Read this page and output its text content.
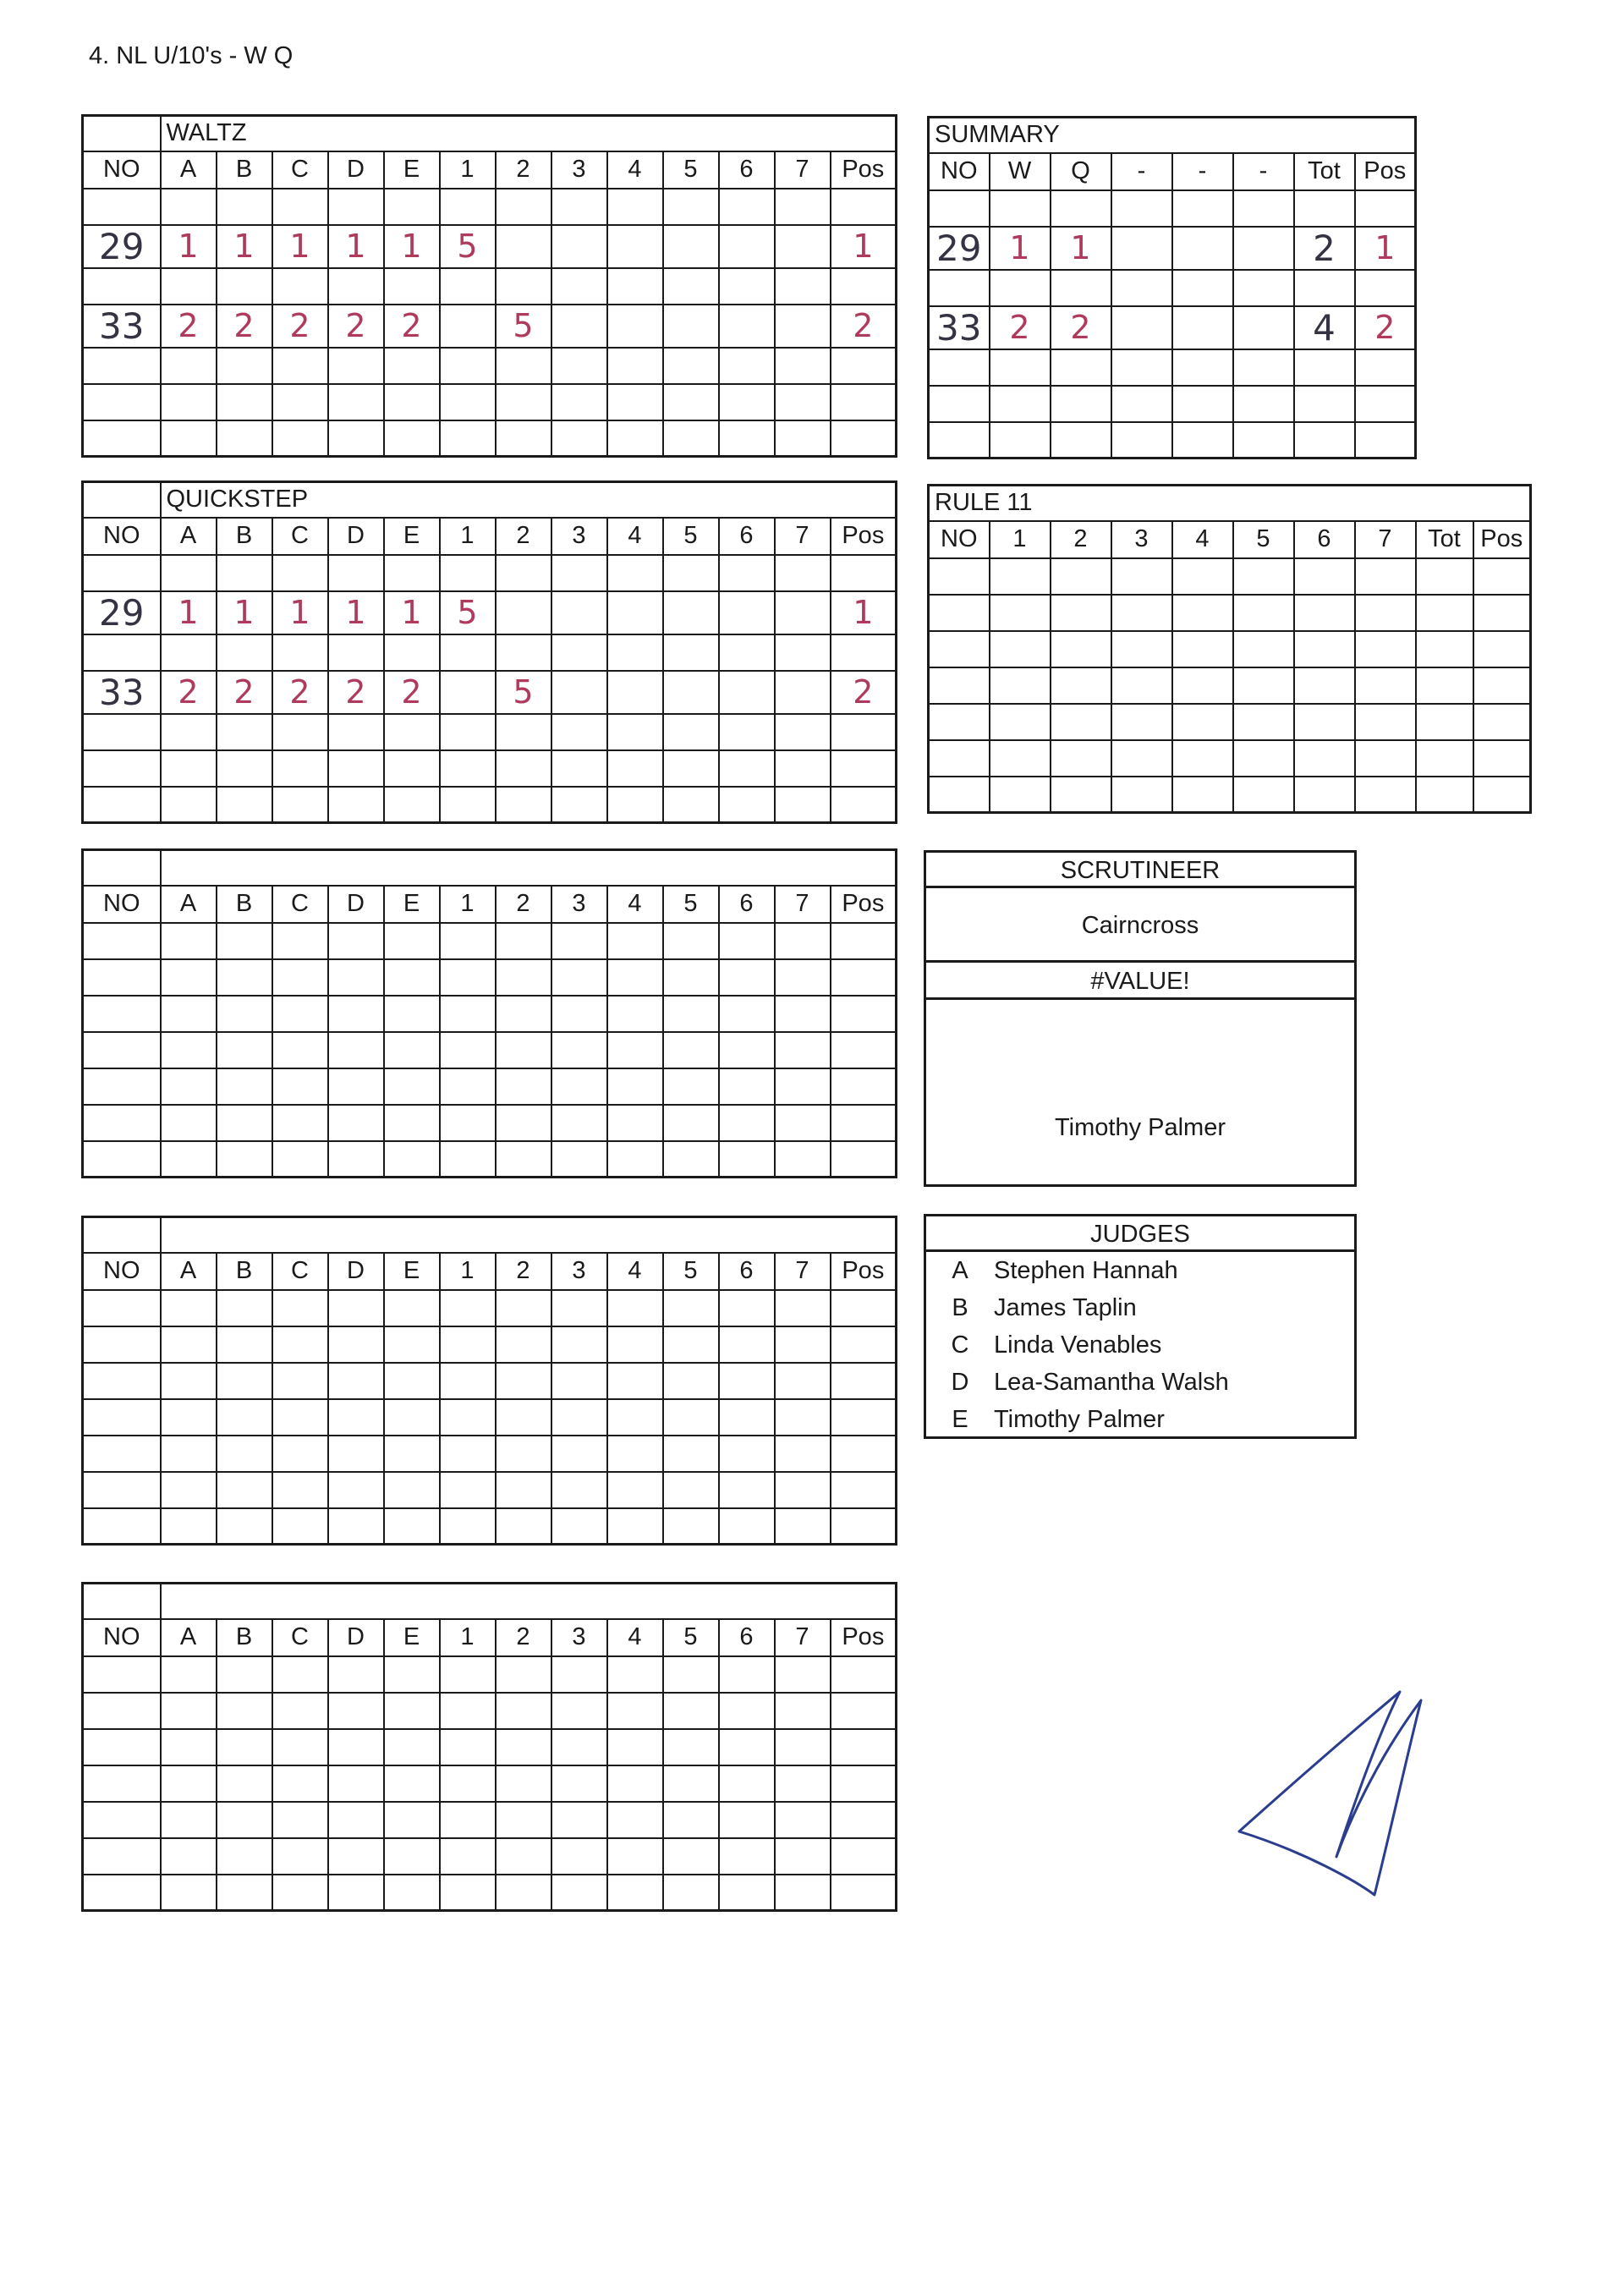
4. NL U/10's - W Q
	WALTZ												
NO	A	B	C	D	E	1	2	3	4	5	6	7	Pos

29	1	1	1	1	1	5							1

33	2	2	2	2	2		5						2

	QUICKSTEP												
NO	A	B	C	D	E	1	2	3	4	5	6	7	Pos

29	1	1	1	1	1	5							1

33	2	2	2	2	2		5						2

NO	A	B	C	D	E	1	2	3	4	5	6	7	Pos

NO	A	B	C	D	E	1	2	3	4	5	6	7	Pos

NO	A	B	C	D	E	1	2	3	4	5	6	7	Pos

SUMMARY							
NO	W	Q	-	-	-	Tot	Pos

29	1	1				2	1

33	2	2				4	2

RULE 11									
NO	1	2	3	4	5	6	7	Tot	Pos

SCRUTINEER
Cairncross
#VALUE!
Timothy Palmer
JUDGES
A	Stephen Hannah
B	James Taplin
C	Linda Venables
D	Lea-Samantha Walsh
E	Timothy Palmer
